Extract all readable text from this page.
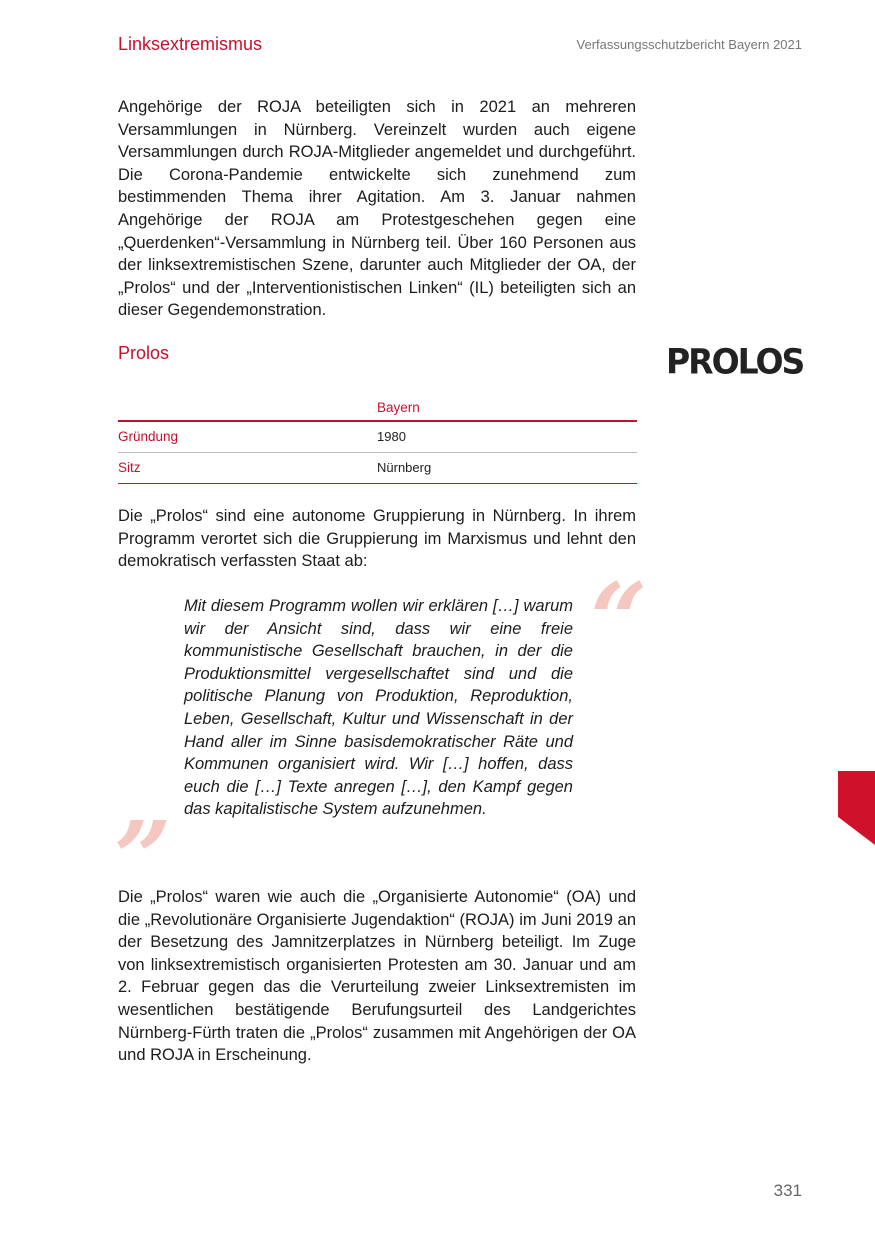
Linksextremismus	Verfassungsschutzbericht Bayern 2021
Angehörige der ROJA beteiligten sich in 2021 an mehreren Versammlungen in Nürnberg. Vereinzelt wurden auch eigene Versammlungen durch ROJA-Mitglieder angemeldet und durchgeführt. Die Corona-Pandemie entwickelte sich zunehmend zum bestimmenden Thema ihrer Agitation. Am 3. Januar nahmen Angehörige der ROJA am Protestgeschehen gegen eine „Querdenken“-Versammlung in Nürnberg teil. Über 160 Personen aus der linksextremistischen Szene, darunter auch Mitglieder der OA, der „Prolos“ und der „Interventionistischen Linken“ (IL) beteiligten sich an dieser Gegendemonstration.
Prolos	PROLOS
	Bayern
Gründung	1980
Sitz	Nürnberg
Die „Prolos“ sind eine autonome Gruppierung in Nürnberg. In ihrem Programm verortet sich die Gruppierung im Marxismus und lehnt den demokratisch verfassten Staat ab:	“
Mit diesem Programm wollen wir erklären […] warum wir der Ansicht sind, dass wir eine freie kommunistische Gesellschaft brauchen, in der die Produktionsmittel vergesellschaftet sind und die politische Planung von Produktion, Reproduktion, Leben, Gesellschaft, Kultur und Wissenschaft in der Hand aller im Sinne basisdemokratischer Räte und Kommunen organisiert wird. Wir […] hoffen, dass euch die […] Texte anregen […], den Kampf gegen das kapitalistische System aufzunehmen.
”
Die „Prolos“ waren wie auch die „Organisierte Autonomie“ (OA) und die „Revolutionäre Organisierte Jugendaktion“ (ROJA) im Juni 2019 an der Besetzung des Jamnitzerplatzes in Nürnberg beteiligt. Im Zuge von linksextremistisch organisierten Protesten am 30. Januar und am 2. Februar gegen das die Verurteilung zweier Linksextremisten im wesentlichen bestätigende Berufungsurteil des Landgerichtes Nürnberg-Fürth traten die „Prolos“ zusammen mit Angehörigen der OA und ROJA in Erscheinung.
331
